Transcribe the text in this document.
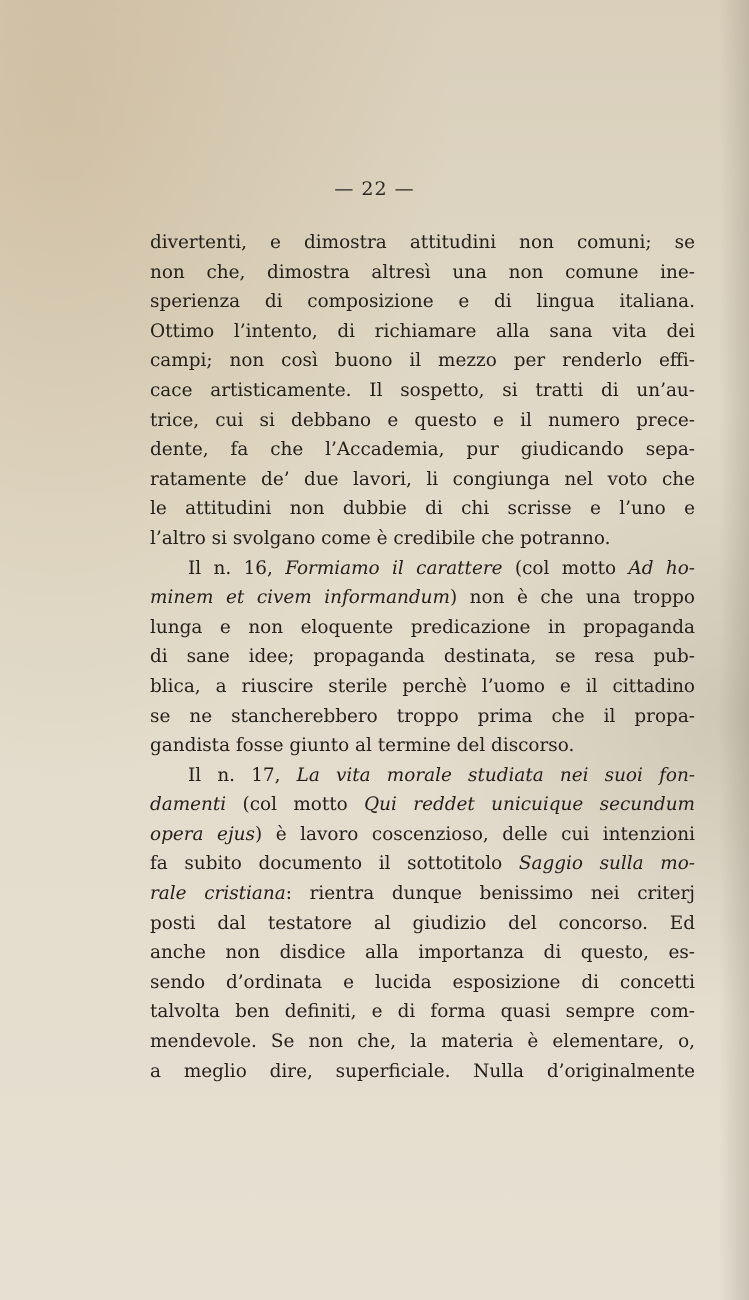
— 22 —
divertenti, e dimostra attitudini non comuni; se
non che, dimostra altresì una non comune ine-
sperienza di composizione e di lingua italiana.
Ottimo l’intento, di richiamare alla sana vita dei
campi; non così buono il mezzo per renderlo effi-
cace artisticamente. Il sospetto, si tratti di un’au-
trice, cui si debbano e questo e il numero prece-
dente, fa che l’Accademia, pur giudicando sepa-
ratamente de’ due lavori, li congiunga nel voto che
le attitudini non dubbie di chi scrisse e l’uno e
l’altro si svolgano come è credibile che potranno.
Il n. 16, Formiamo il carattere (col motto Ad ho-
minem et civem informandum) non è che una troppo
lunga e non eloquente predicazione in propaganda
di sane idee; propaganda destinata, se resa pub-
blica, a riuscire sterile perchè l’uomo e il cittadino
se ne stancherebbero troppo prima che il propa-
gandista fosse giunto al termine del discorso.
Il n. 17, La vita morale studiata nei suoi fon-
damenti (col motto Qui reddet unicuique secundum
opera ejus) è lavoro coscenzioso, delle cui intenzioni
fa subito documento il sottotitolo Saggio sulla mo-
rale cristiana: rientra dunque benissimo nei criterj
posti dal testatore al giudizio del concorso. Ed
anche non disdice alla importanza di questo, es-
sendo d’ordinata e lucida esposizione di concetti
talvolta ben definiti, e di forma quasi sempre com-
mendevole. Se non che, la materia è elementare, o,
a meglio dire, superficiale. Nulla d’originalmente
